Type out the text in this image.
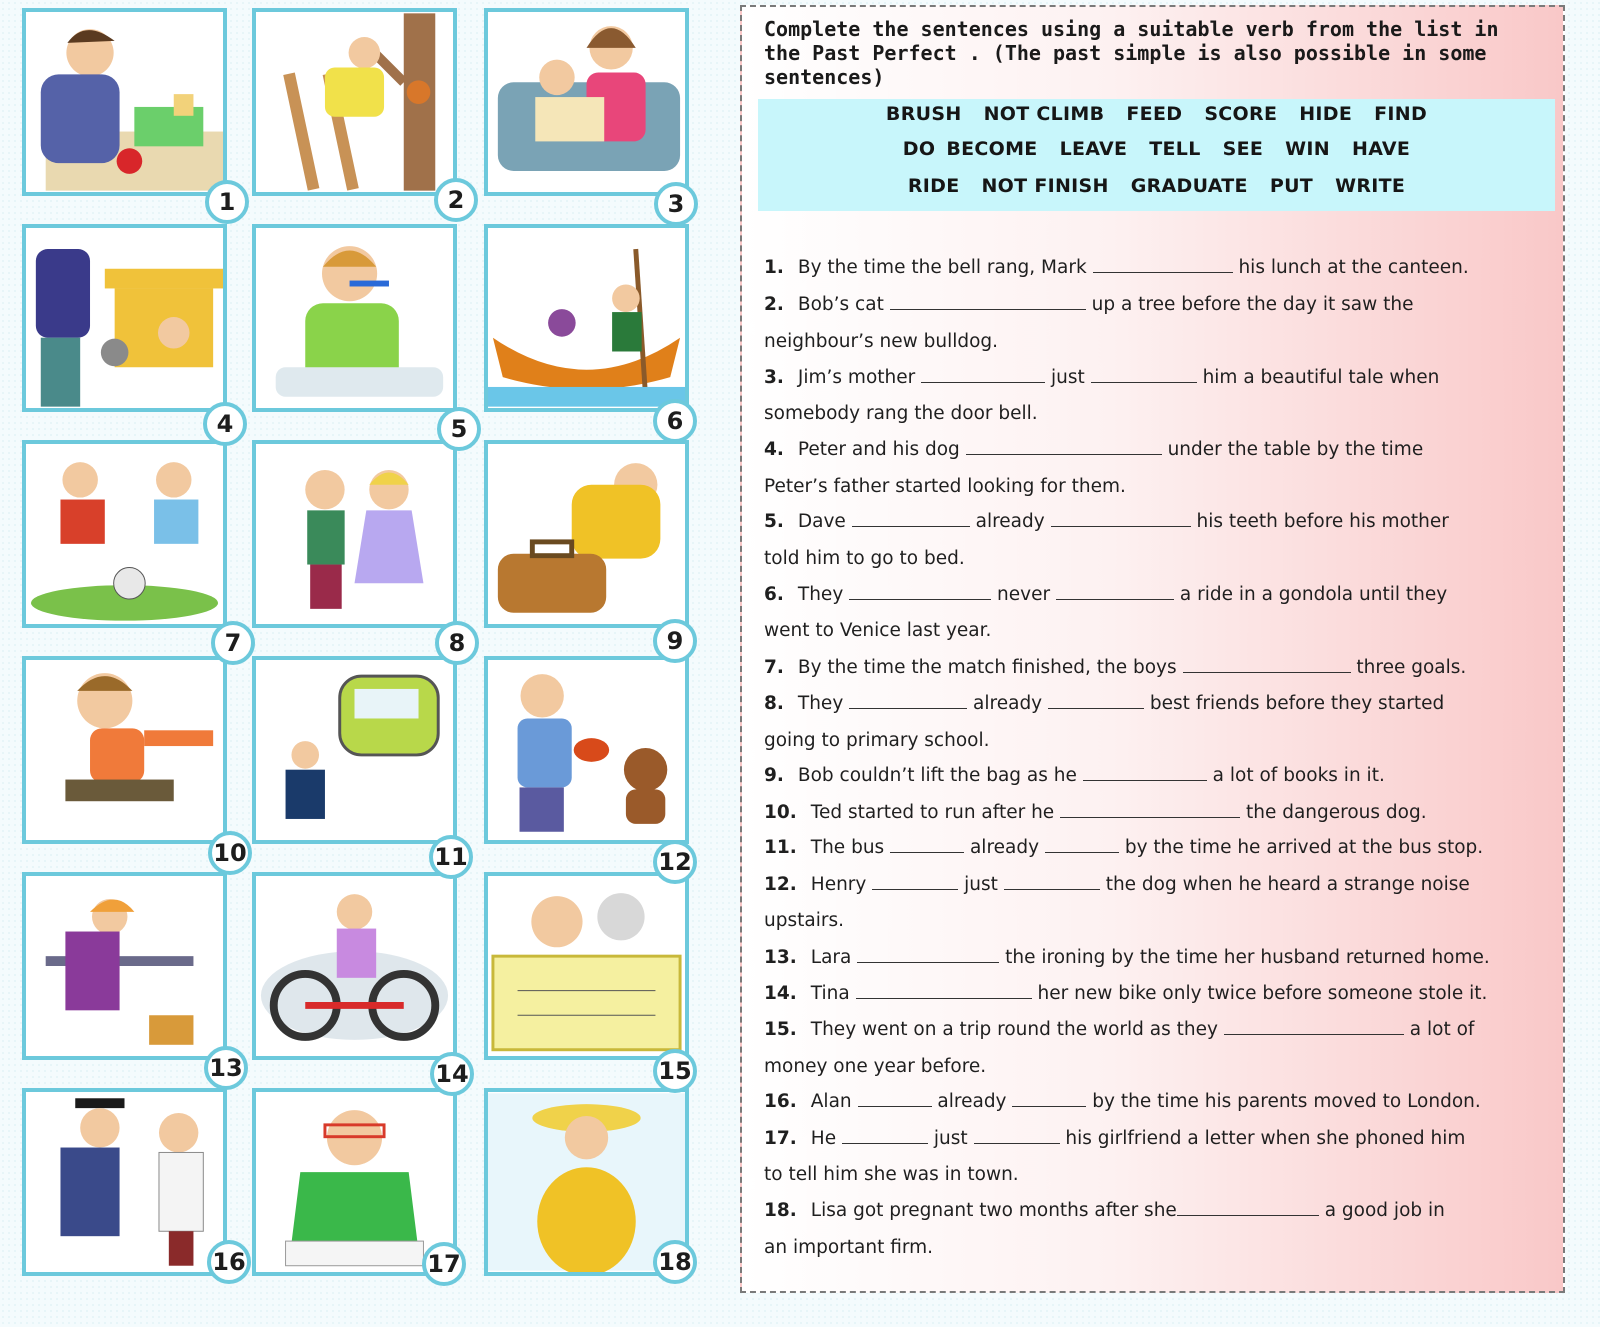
1	2	3
4	5	6
7	8	9
10	11	12
13	14	15
16	17	18
Complete the sentences using a suitable verb from the list in the Past Perfect . (The past simple is also possible in some sentences)
BRUSH NOT CLIMB FEED SCORE HIDE FIND
DO BECOME LEAVE TELL SEE WIN HAVE
RIDE NOT FINISH GRADUATE PUT WRITE
1. By the time the bell rang, Mark	his lunch at the canteen.
2. Bob’s cat	up a tree before the day it saw the
neighbour’s new bulldog.
3. Jim’s mother	just	him a beautiful tale when
somebody rang the door bell.
4. Peter and his dog	under the table by the time
Peter’s father started looking for them.
5. Dave	already	his teeth before his mother
told him to go to bed.
6. They	never	a ride in a gondola until they
went to Venice last year.
7. By the time the match finished, the boys	three goals.
8. They	already	best friends before they started
going to primary school.
9. Bob couldn’t lift the bag as he	a lot of books in it.
10. Ted started to run after he	the dangerous dog.
11. The bus	already	by the time he arrived at the bus stop.
12. Henry	just	the dog when he heard a strange noise
upstairs.
13. Lara	the ironing by the time her husband returned home.
14. Tina	her new bike only twice before someone stole it.
15. They went on a trip round the world as they	a lot of
money one year before.
16. Alan	already	by the time his parents moved to London.
17. He	just	his girlfriend a letter when she phoned him
to tell him she was in town.
18. Lisa got pregnant two months after she	a good job in
an important firm.
